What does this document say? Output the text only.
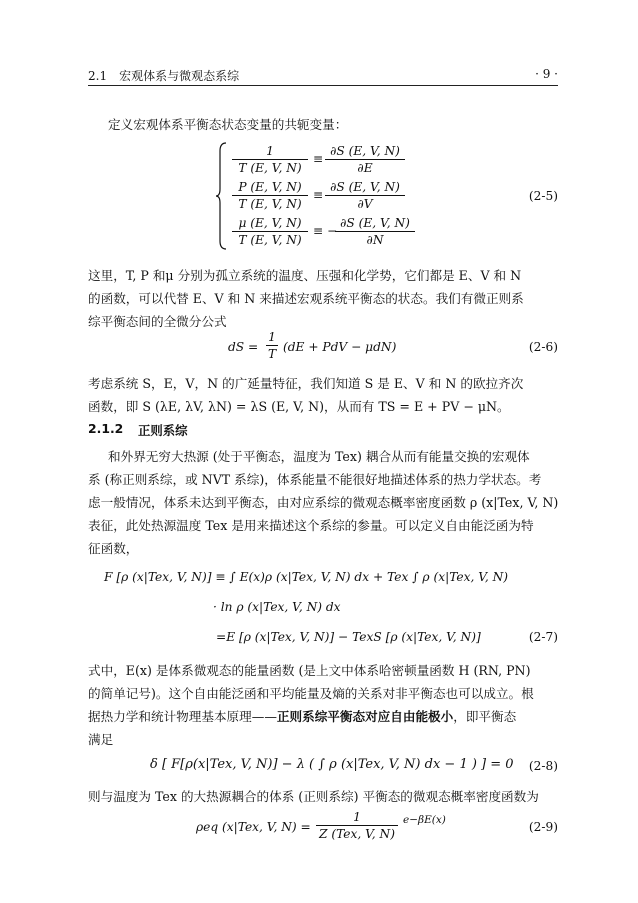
2.1　宏观体系与微观态系综	· 9 ·
定义宏观体系平衡态状态变量的共轭变量：
1
T (E, V, N)
≡
∂S (E, V, N)
∂E
P (E, V, N)
T (E, V, N)
≡
∂S (E, V, N)
∂V
μ (E, V, N)
T (E, V, N)
≡ −
∂S (E, V, N)
∂N
(2-5)
这里，T, P 和μ 分别为孤立系统的温度、压强和化学势，它们都是 E、V 和 N
的函数，可以代替 E、V 和 N 来描述宏观系统平衡态的状态。我们有微正则系
综平衡态间的全微分公式
dS =
1
T (dE + PdV − μdN)	(2-6)
考虑系统 S，E，V，N 的广延量特征，我们知道 S 是 E、V 和 N 的欧拉齐次
函数，即 S (λE, λV, λN) = λS (E, V, N)，从而有 TS = E + PV − μN。
2.1.2 正则系综
和外界无穷大热源 (处于平衡态，温度为 Tex) 耦合从而有能量交换的宏观体
系 (称正则系综，或 NVT 系综)，体系能量不能很好地描述体系的热力学状态。考
虑一般情况，体系未达到平衡态，由对应系综的微观态概率密度函数 ρ (x|Tex, V, N)
表征，此处热源温度 Tex 是用来描述这个系综的参量。可以定义自由能泛函为特
征函数，
F [ρ (x|Tex, V, N)] ≡ ∫ E(x)ρ (x|Tex, V, N) dx + Tex ∫ ρ (x|Tex, V, N)
· ln ρ (x|Tex, V, N) dx
=E [ρ (x|Tex, V, N)] − TexS [ρ (x|Tex, V, N)]	(2-7)
式中，E(x) 是体系微观态的能量函数 (是上文中体系哈密顿量函数 H (RN, PN)
的简单记号)。这个自由能泛函和平均能量及熵的关系对非平衡态也可以成立。根
据热力学和统计物理基本原理——正则系综平衡态对应自由能极小，即平衡态
满足
δ [ F[ρ(x|Tex, V, N)] − λ ( ∫ ρ (x|Tex, V, N) dx − 1 ) ] = 0 (2-8)
则与温度为 Tex 的大热源耦合的体系 (正则系综) 平衡态的微观态概率密度函数为
ρeq (x|Tex, V, N) =
1
Z (Tex, V, N)
e−βE(x)	(2-9)
